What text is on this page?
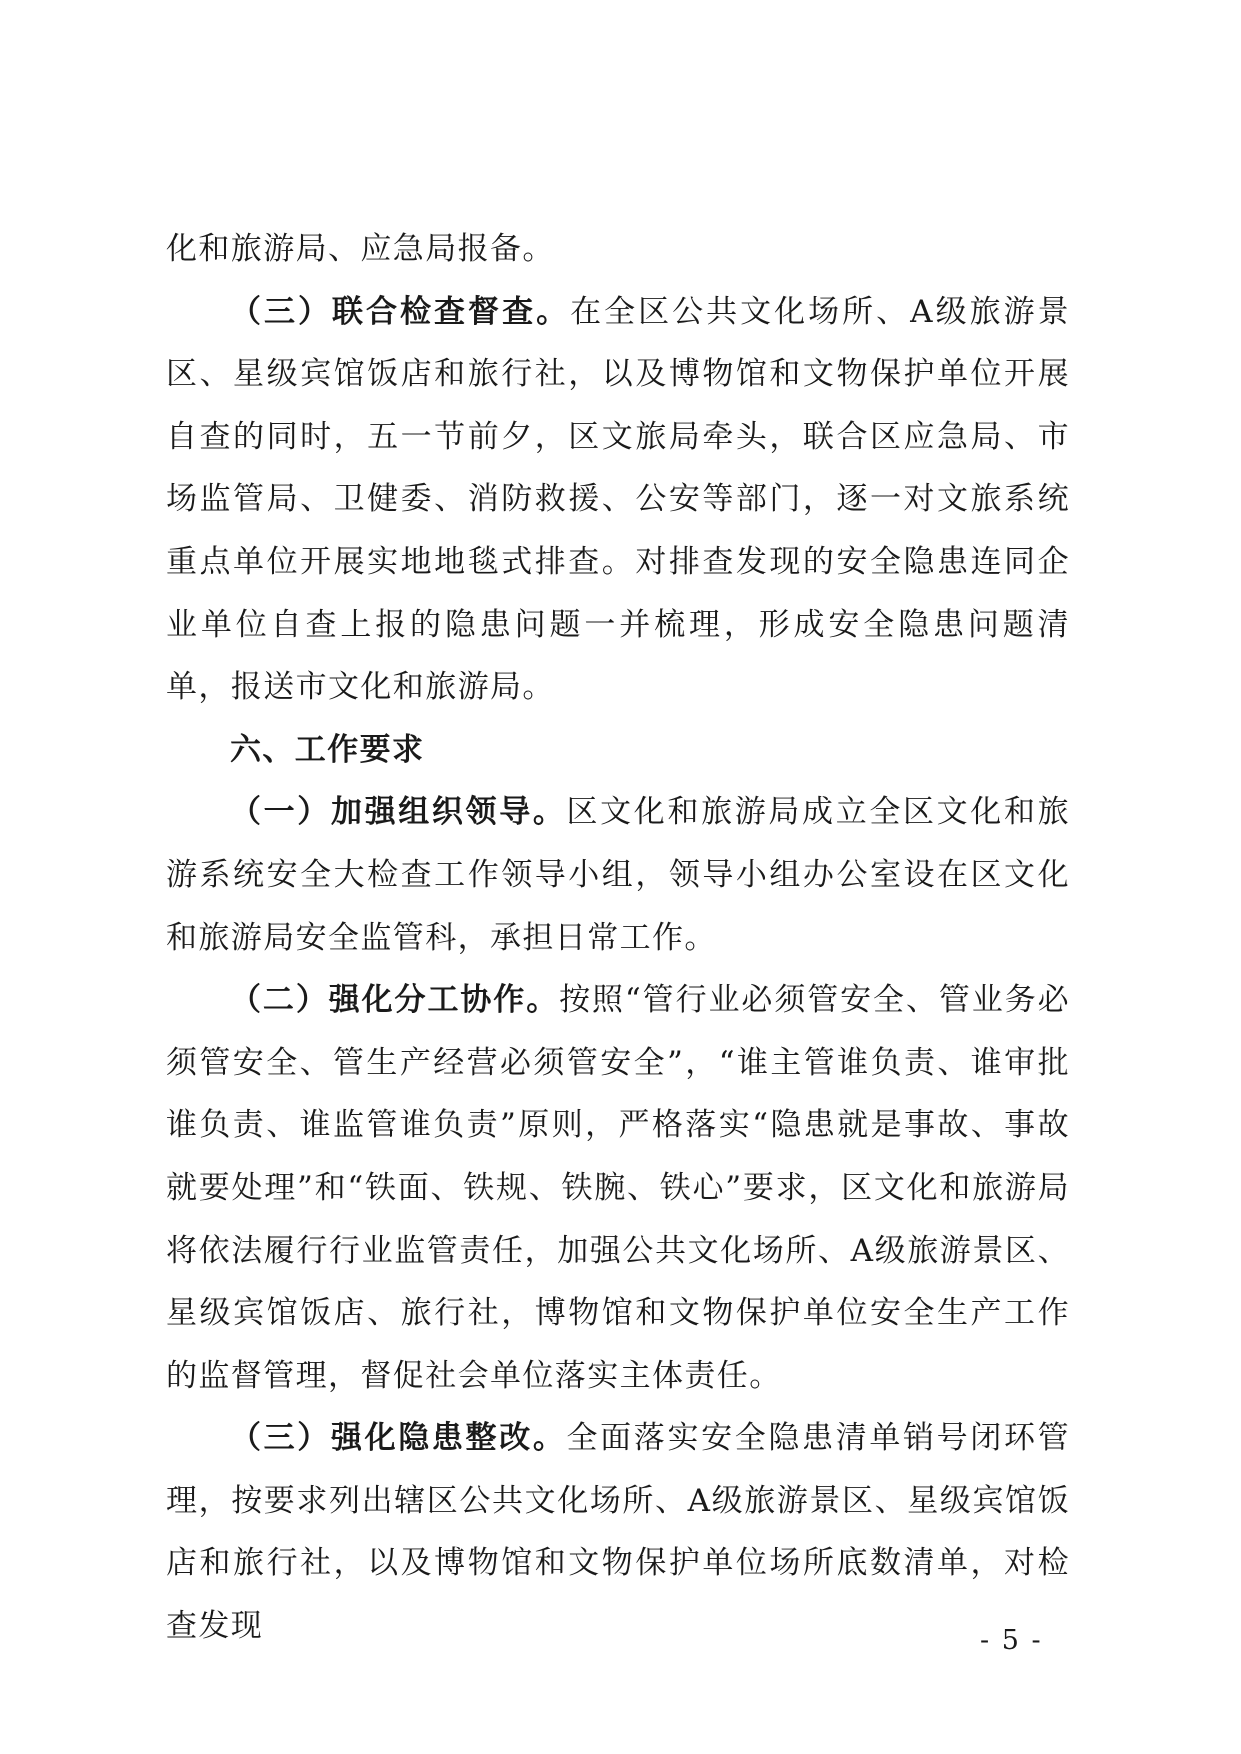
化和旅游局、应急局报备。

（三）联合检查督查。在全区公共文化场所、A级旅游景区、星级宾馆饭店和旅行社，以及博物馆和文物保护单位开展自查的同时，五一节前夕，区文旅局牵头，联合区应急局、市场监管局、卫健委、消防救援、公安等部门，逐一对文旅系统重点单位开展实地地毯式排查。对排查发现的安全隐患连同企业单位自查上报的隐患问题一并梳理，形成安全隐患问题清单，报送市文化和旅游局。

六、工作要求

（一）加强组织领导。区文化和旅游局成立全区文化和旅游系统安全大检查工作领导小组，领导小组办公室设在区文化和旅游局安全监管科，承担日常工作。

（二）强化分工协作。按照“管行业必须管安全、管业务必须管安全、管生产经营必须管安全”，“谁主管谁负责、谁审批谁负责、谁监管谁负责”原则，严格落实“隐患就是事故、事故就要处理”和“铁面、铁规、铁腕、铁心”要求，区文化和旅游局将依法履行行业监管责任，加强公共文化场所、A级旅游景区、星级宾馆饭店、旅行社，博物馆和文物保护单位安全生产工作的监督管理，督促社会单位落实主体责任。

（三）强化隐患整改。全面落实安全隐患清单销号闭环管理，按要求列出辖区公共文化场所、A级旅游景区、星级宾馆饭店和旅行社，以及博物馆和文物保护单位场所底数清单，对检查发现	- 5 -
